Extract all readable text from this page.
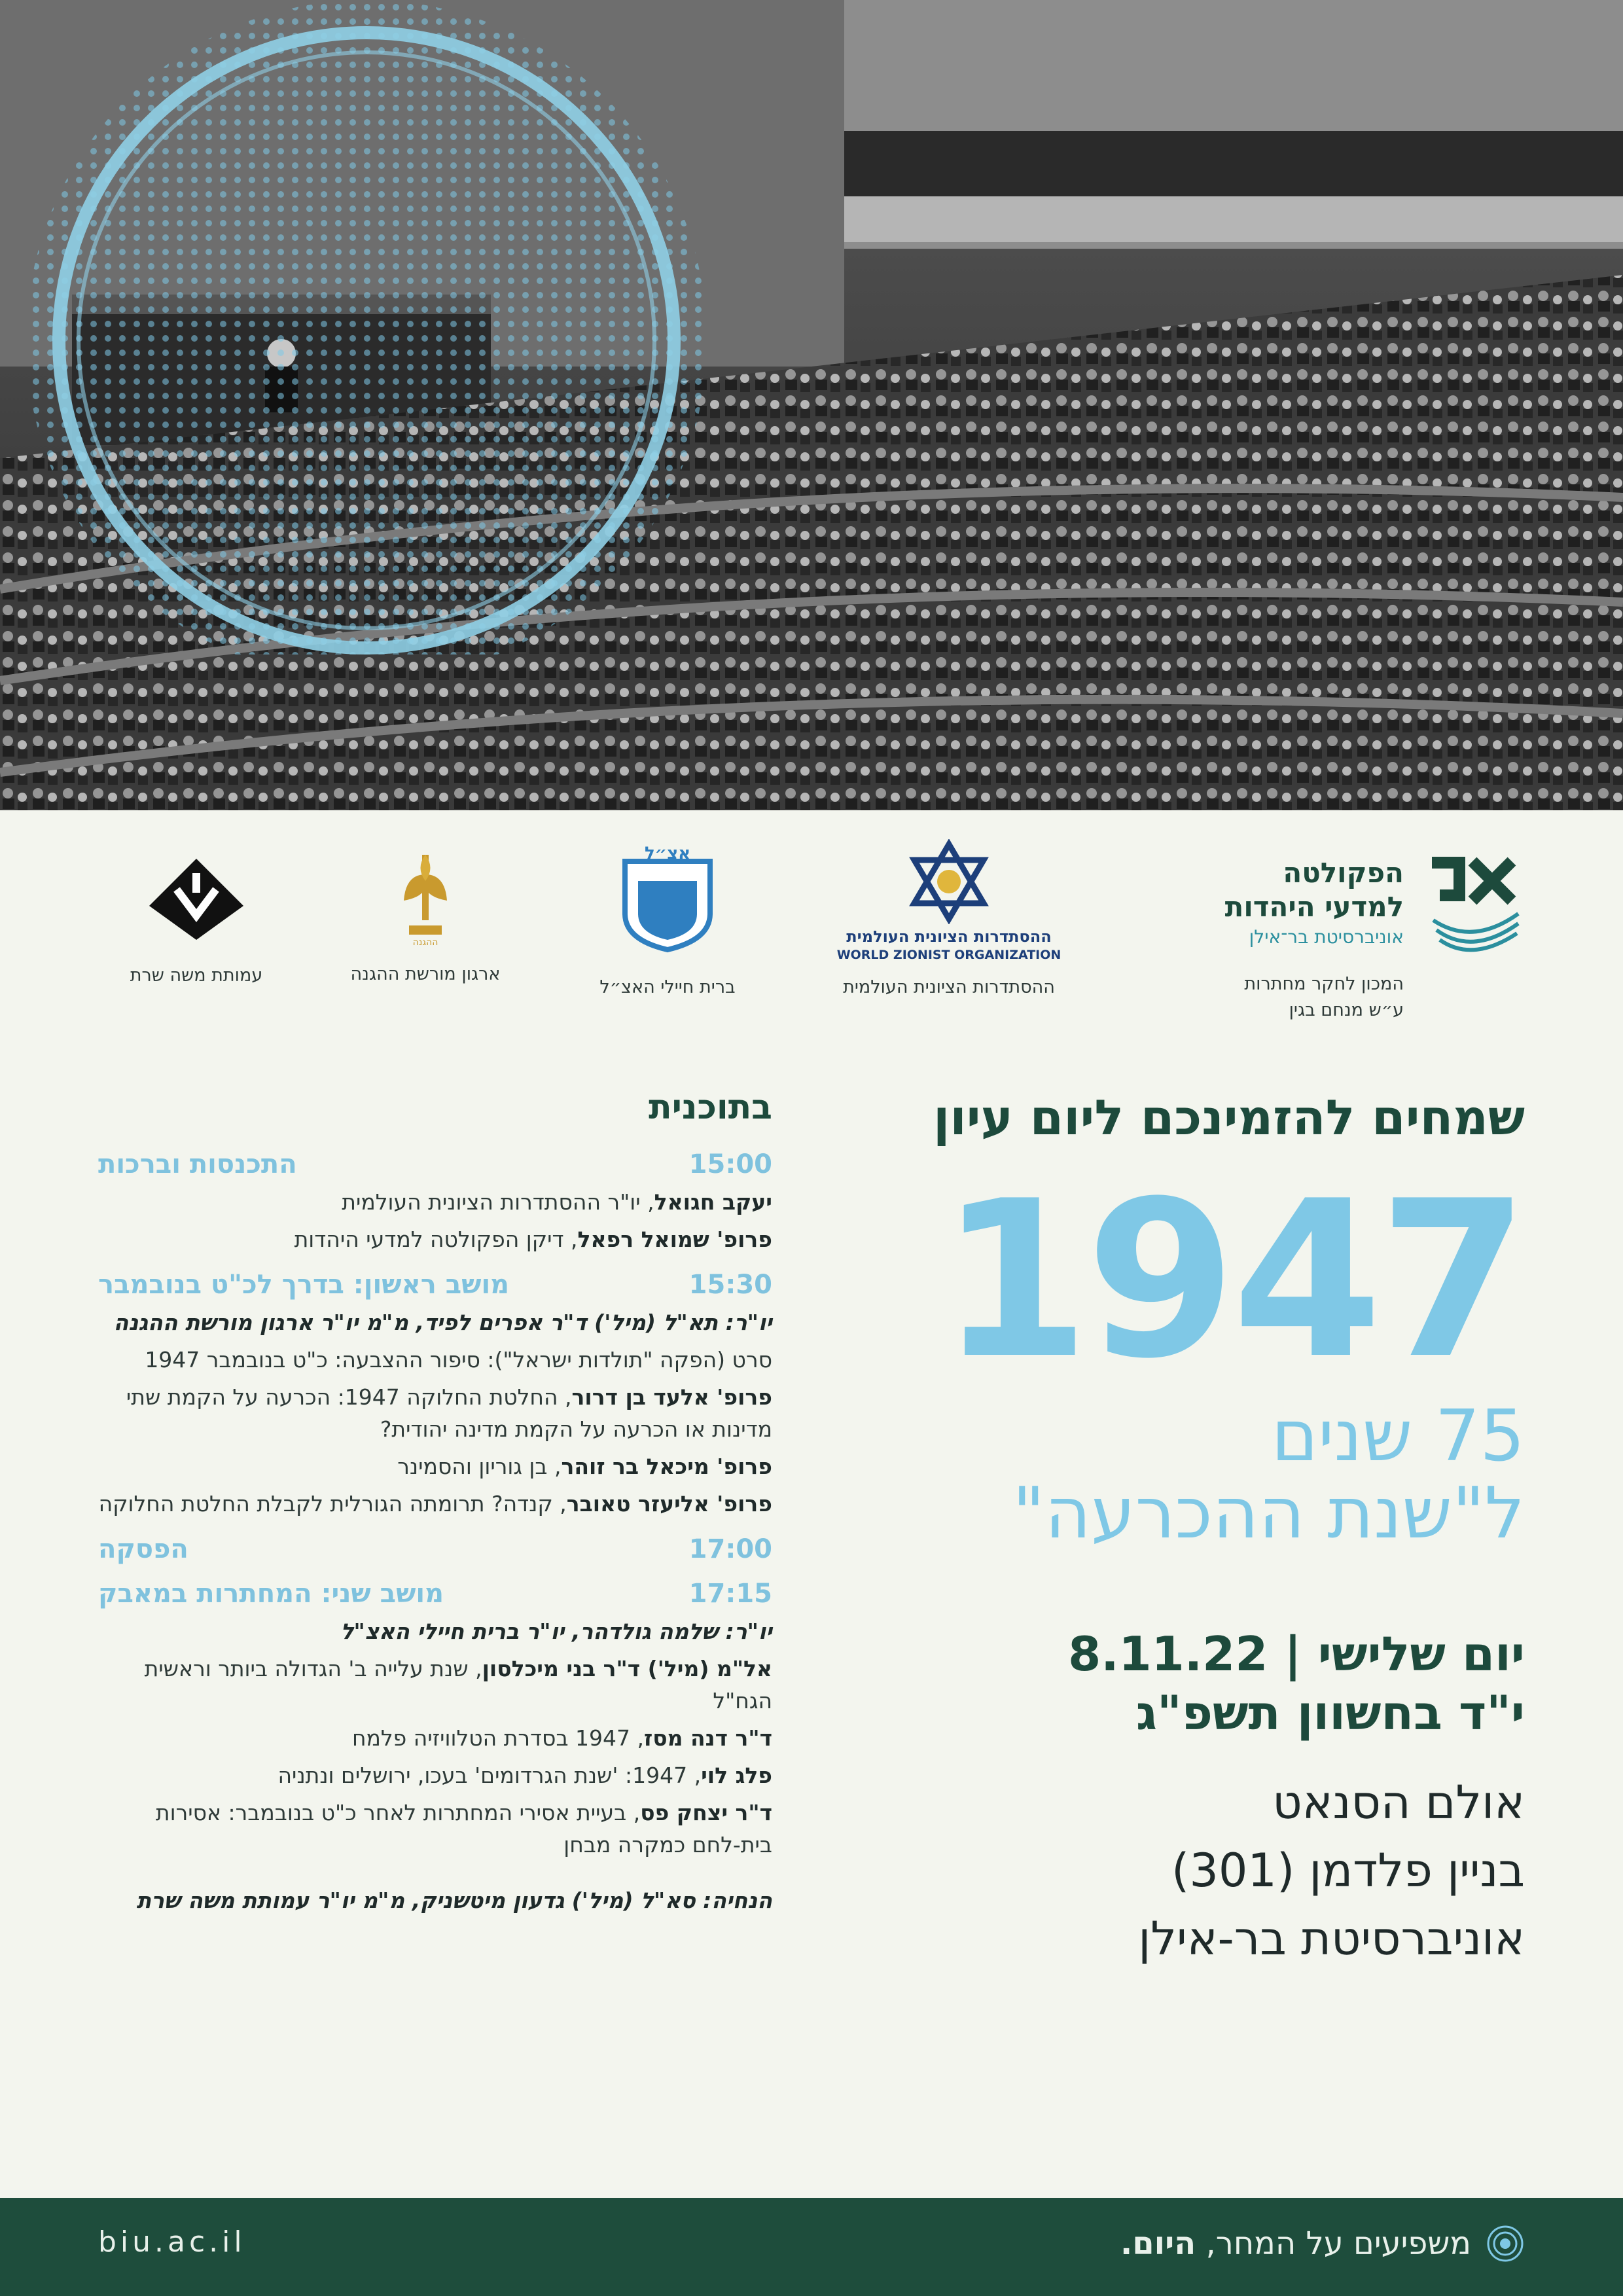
הפקולטה
למדעי היהדות
אוניברסיטת בר־אילן
המכון לחקר מחתרות
ע״ש מנחם בגין
ההסתדרות הציונית העולמית
WORLD ZIONIST ORGANIZATION
ההסתדרות הציונית העולמית
אצ״ל
ברית חיילי האצ״ל
ההגנה
ארגון מורשת ההגנה
עמותת משה שרת
שמחים להזמינכם ליום עיון
1947
75 שנים
ל"שנת ההכרעה"
יום שלישי | 8.11.22
י"ד בחשוון תשפ"ג
אולם הסנאט
בניין פלדמן (301)
אוניברסיטת בר-אילן
בתוכנית
15:00
התכנסות וברכות
יעקב חגואל, יו"ר ההסתדרות הציונית העולמית
פרופ' שמואל רפאל, דיקן הפקולטה למדעי היהדות
15:30
מושב ראשון: בדרך לכ"ט בנובמבר
יו"ר: תא"ל (מיל') ד"ר אפרים לפיד, מ"מ יו"ר ארגון מורשת ההגנה
סרט (הפקה "תולדות ישראל"): סיפור ההצבעה: כ"ט בנובמבר 1947
פרופ' אלעד בן דרור, החלטת החלוקה 1947: הכרעה על הקמת שתי מדינות או הכרעה על הקמת מדינה יהודית?
פרופ' מיכאל בר זוהר, בן גוריון והסמינר
פרופ' אליעזר טאובר, קנדה? תרומתה הגורלית לקבלת החלטת החלוקה
17:00
הפסקה
17:15
מושב שני: המחתרות במאבק
יו"ר: שלמה גולדהר, יו"ר ברית חיילי האצ"ל
אל"מ (מיל') ד"ר בני מיכלסון, שנת עלייה ב' הגדולה ביותר וראשית הגח"ל
ד"ר דנה מסז, 1947 בסדרת הטלוויזיה פלמח
פלג לוי, 1947: 'שנת הגרדומים' בעכו, ירושלים ונתניה
ד"ר יצחק פס, בעיית אסירי המחתרות לאחר כ"ט בנובמבר: אסירות בית-לחם כמקרה מבחן
הנחיה: סא"ל (מיל') גדעון מיטשניק, מ"מ יו"ר עמותת משה שרת
משפיעים על המחר, היום.
biu.ac.il
